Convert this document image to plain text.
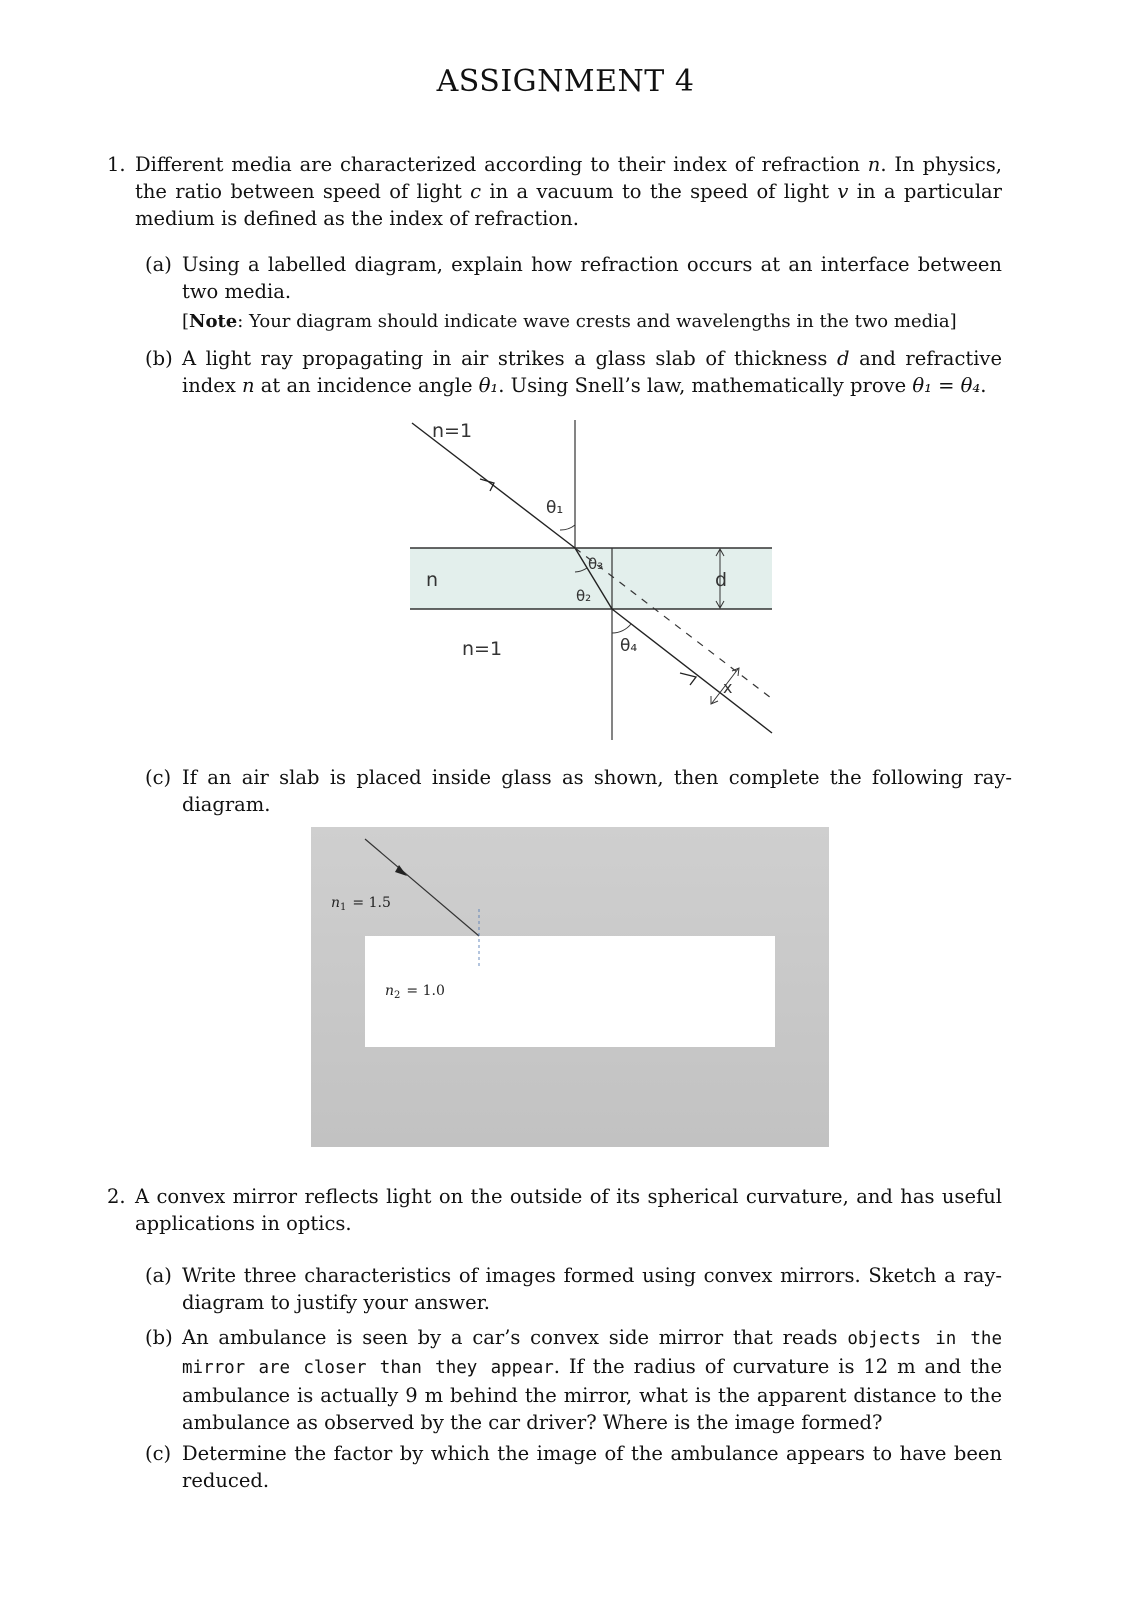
ASSIGNMENT 4
1. Different media are characterized according to their index of refraction n. In physics, the ratio between speed of light c in a vacuum to the speed of light v in a particular medium is defined as the index of refraction.
(a) Using a labelled diagram, explain how refraction occurs at an interface between two media.
[Note: Your diagram should indicate wave crests and wavelengths in the two media]
(b) A light ray propagating in air strikes a glass slab of thickness d and refractive index n at an incidence angle θ₁. Using Snell’s law, mathematically prove θ₁ = θ₄.
n=1
n
n=1
θ₁
θ₂
θ₃
θ₄
d
x
(c) If an air slab is placed inside glass as shown, then complete the following ray-diagram.
$n_1 = 1.5$
$n_2 = 1.0$
2. A convex mirror reflects light on the outside of its spherical curvature, and has useful applications in optics.
(a) Write three characteristics of images formed using convex mirrors. Sketch a ray-diagram to justify your answer.
(b) An ambulance is seen by a car’s convex side mirror that reads objects in the mirror are closer than they appear. If the radius of curvature is 12 m and the ambulance is actually 9 m behind the mirror, what is the apparent distance to the ambulance as observed by the car driver? Where is the image formed?
(c) Determine the factor by which the image of the ambulance appears to have been reduced.
